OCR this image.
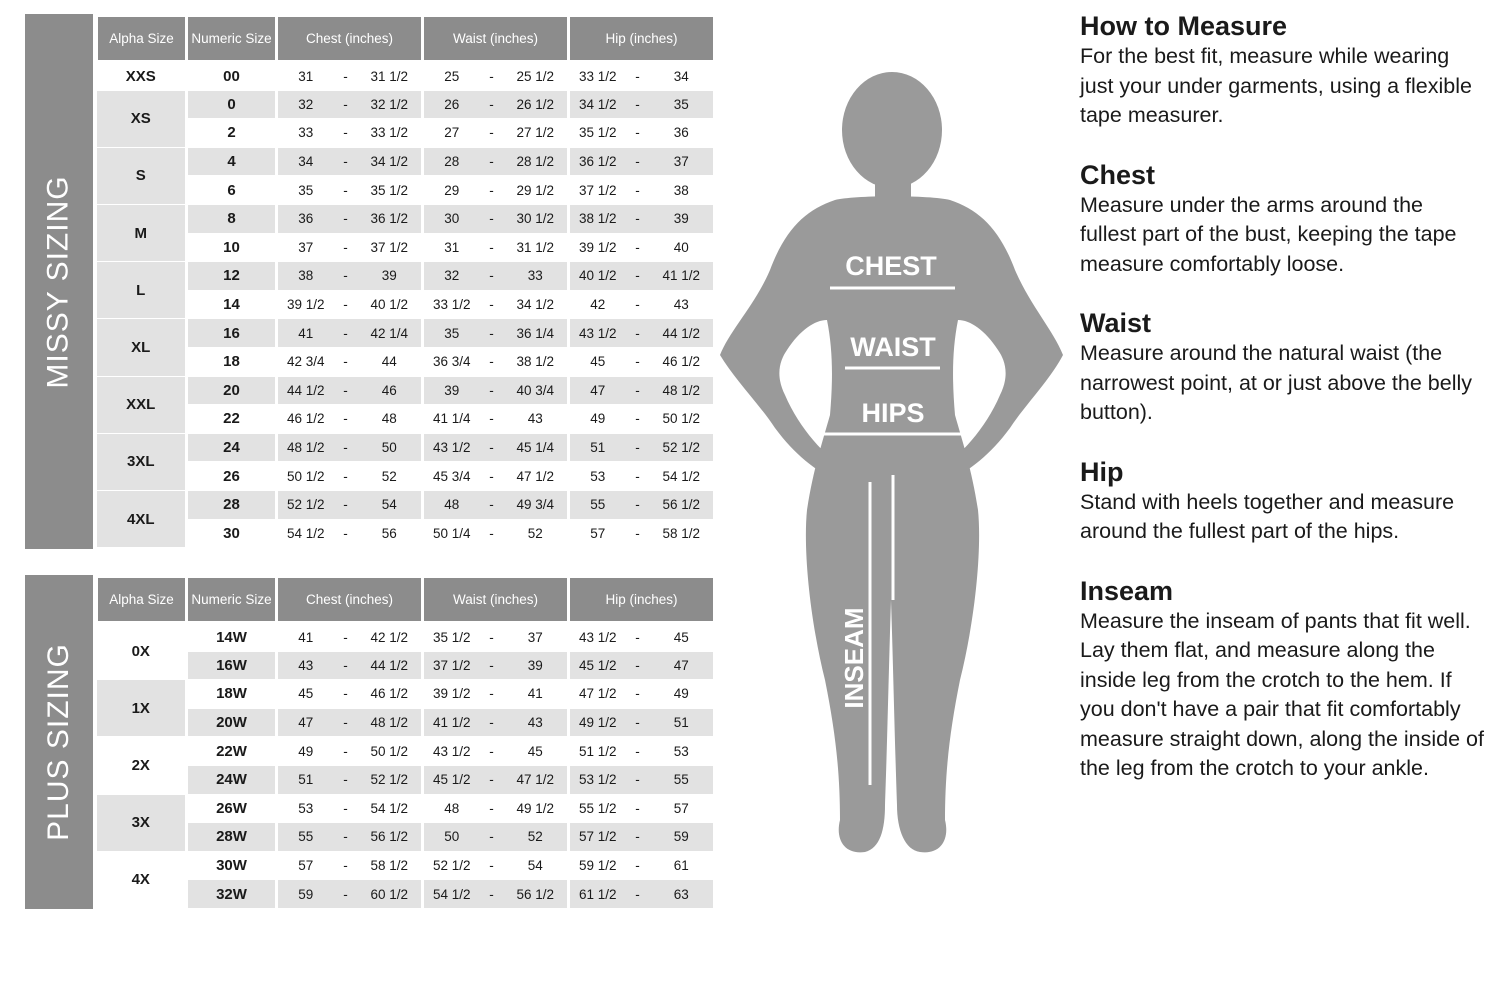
MISSY SIZING
Alpha Size	Numeric Size	Chest (inches)			Waist (inches)			Hip (inches)		
XXS	00	31	-	31 1/2	25	-	25 1/2	33 1/2	-	34
XS	0	32	-	32 1/2	26	-	26 1/2	34 1/2	-	35
	2	33	-	33 1/2	27	-	27 1/2	35 1/2	-	36
S	4	34	-	34 1/2	28	-	28 1/2	36 1/2	-	37
	6	35	-	35 1/2	29	-	29 1/2	37 1/2	-	38
M	8	36	-	36 1/2	30	-	30 1/2	38 1/2	-	39
	10	37	-	37 1/2	31	-	31 1/2	39 1/2	-	40
L	12	38	-	39	32	-	33	40 1/2	-	41 1/2
	14	39 1/2	-	40 1/2	33 1/2	-	34 1/2	42	-	43
XL	16	41	-	42 1/4	35	-	36 1/4	43 1/2	-	44 1/2
	18	42 3/4	-	44	36 3/4	-	38 1/2	45	-	46 1/2
XXL	20	44 1/2	-	46	39	-	40 3/4	47	-	48 1/2
	22	46 1/2	-	48	41 1/4	-	43	49	-	50 1/2
3XL	24	48 1/2	-	50	43 1/2	-	45 1/4	51	-	52 1/2
	26	50 1/2	-	52	45 3/4	-	47 1/2	53	-	54 1/2
4XL	28	52 1/2	-	54	48	-	49 3/4	55	-	56 1/2
	30	54 1/2	-	56	50 1/4	-	52	57	-	58 1/2
PLUS SIZING
Alpha Size	Numeric Size	Chest (inches)			Waist (inches)			Hip (inches)		
0X	14W	41	-	42 1/2	35 1/2	-	37	43 1/2	-	45
	16W	43	-	44 1/2	37 1/2	-	39	45 1/2	-	47
1X	18W	45	-	46 1/2	39 1/2	-	41	47 1/2	-	49
	20W	47	-	48 1/2	41 1/2	-	43	49 1/2	-	51
2X	22W	49	-	50 1/2	43 1/2	-	45	51 1/2	-	53
	24W	51	-	52 1/2	45 1/2	-	47 1/2	53 1/2	-	55
3X	26W	53	-	54 1/2	48	-	49 1/2	55 1/2	-	57
	28W	55	-	56 1/2	50	-	52	57 1/2	-	59
4X	30W	57	-	58 1/2	52 1/2	-	54	59 1/2	-	61
	32W	59	-	60 1/2	54 1/2	-	56 1/2	61 1/2	-	63
CHEST
WAIST
HIPS
INSEAM
How to Measure
For the best fit, measure while wearing just your under garments, using a flexible tape measurer.
Chest
Measure under the arms around the fullest part of the bust, keeping the tape measure comfortably loose.
Waist
Measure around the natural waist (the narrowest point, at or just above the belly button).
Hip
Stand with heels together and measure around the fullest part of the hips.
Inseam
Measure the inseam of pants that fit well. Lay them flat, and measure along the inside leg from the crotch to the hem. If you don't have a pair that fit comfortably measure straight down, along the inside of the leg from the crotch to your ankle.
